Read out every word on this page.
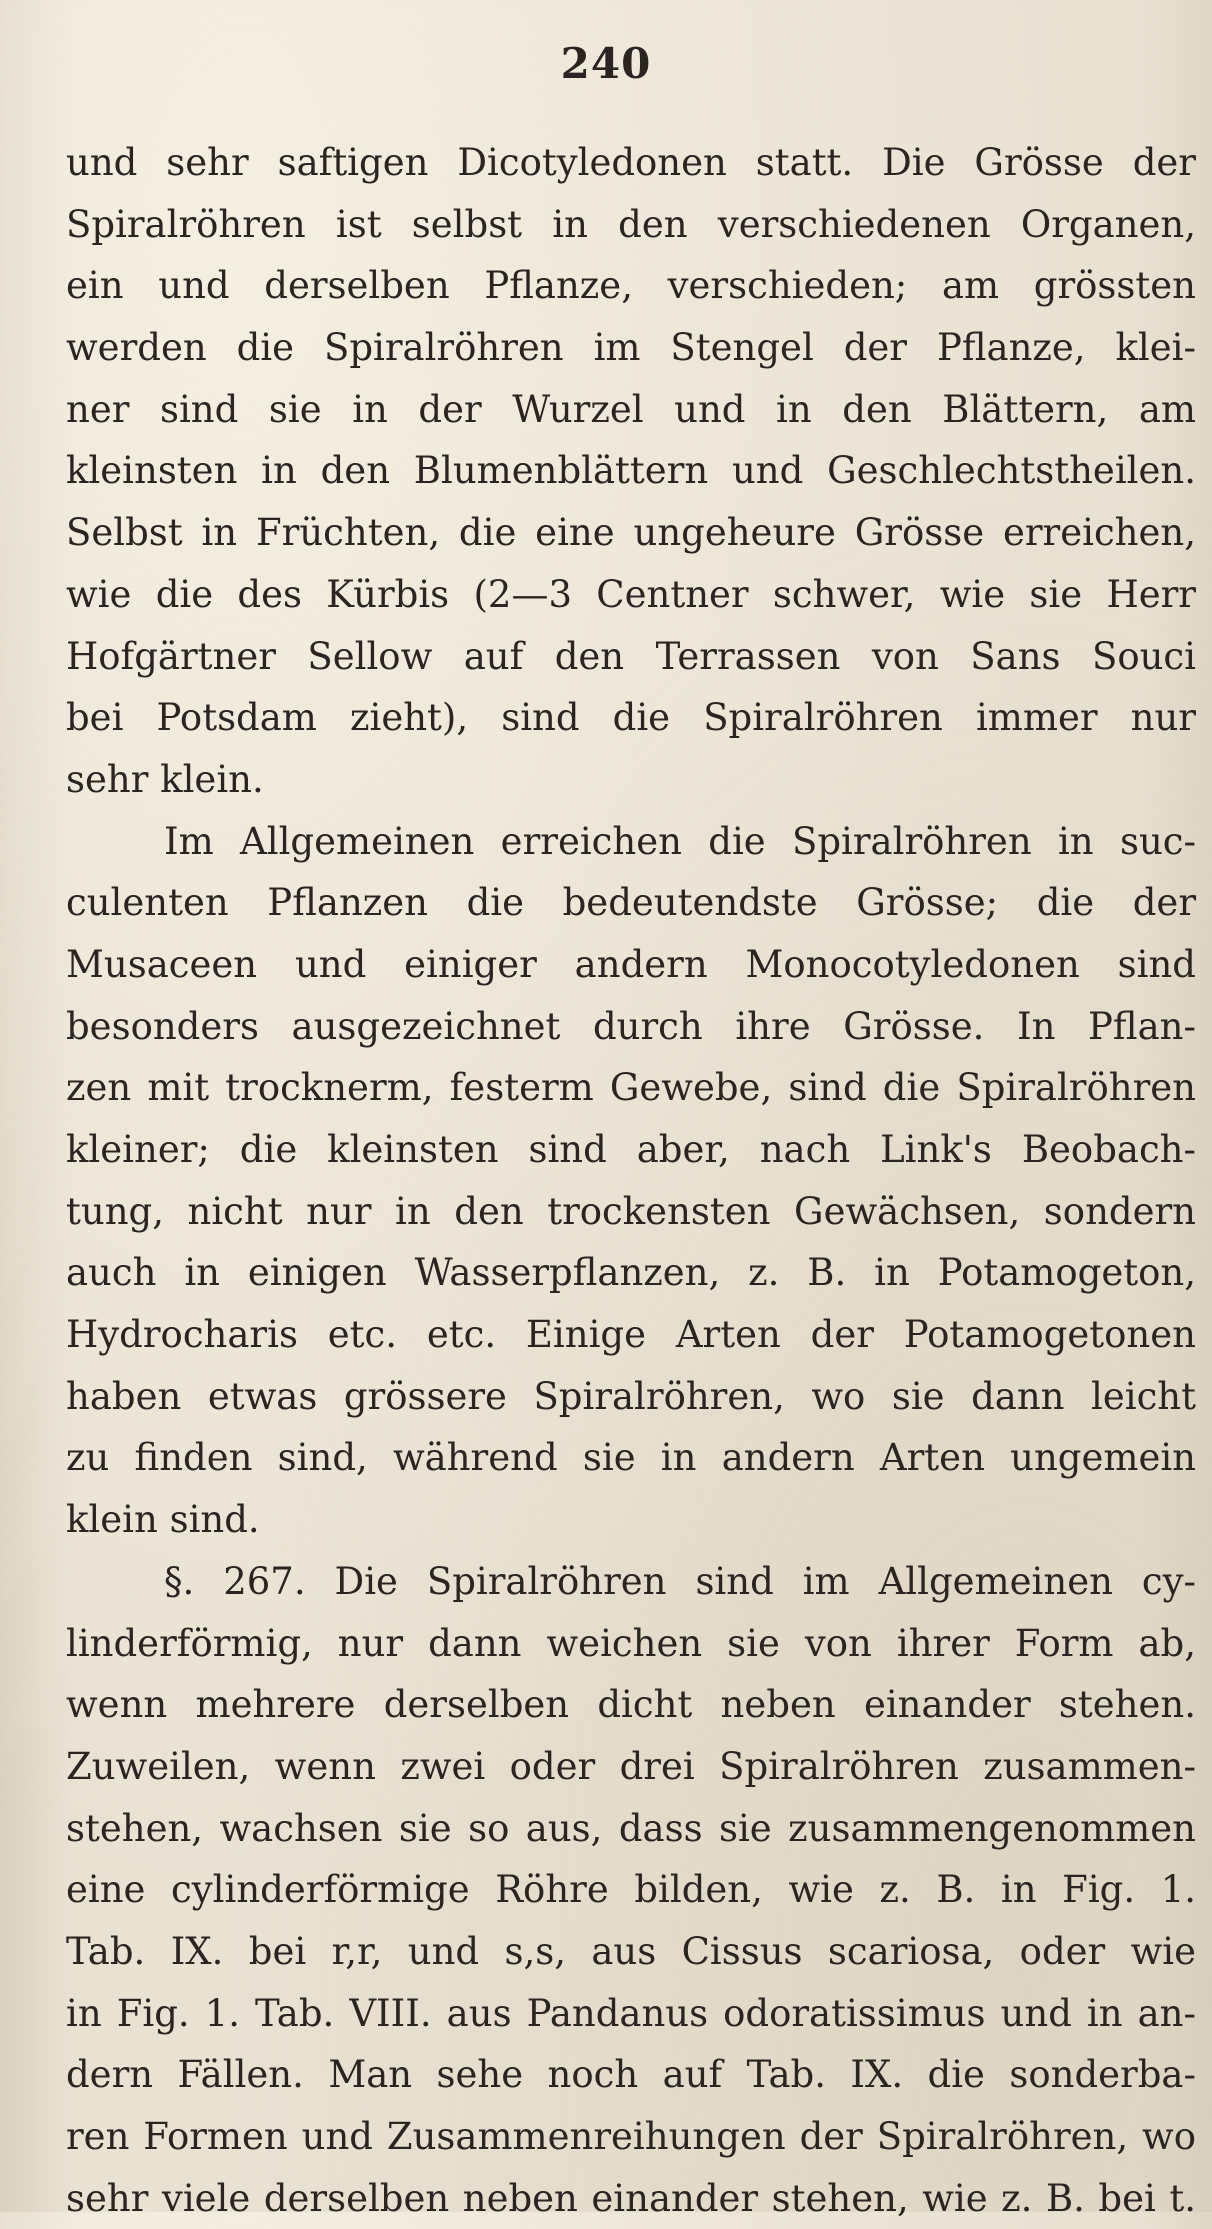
240
und sehr saftigen Dicotyledonen statt. Die Grösse der
Spiralröhren ist selbst in den verschiedenen Organen,
ein und derselben Pflanze, verschieden; am grössten
werden die Spiralröhren im Stengel der Pflanze, klei-
ner sind sie in der Wurzel und in den Blättern, am
kleinsten in den Blumenblättern und Geschlechtstheilen.
Selbst in Früchten, die eine ungeheure Grösse erreichen,
wie die des Kürbis (2—3 Centner schwer, wie sie Herr
Hofgärtner Sellow auf den Terrassen von Sans Souci
bei Potsdam zieht), sind die Spiralröhren immer nur
sehr klein.
Im Allgemeinen erreichen die Spiralröhren in suc-
culenten Pflanzen die bedeutendste Grösse; die der
Musaceen und einiger andern Monocotyledonen sind
besonders ausgezeichnet durch ihre Grösse. In Pflan-
zen mit trocknerm, festerm Gewebe, sind die Spiralröhren
kleiner; die kleinsten sind aber, nach Link's Beobach-
tung, nicht nur in den trockensten Gewächsen, sondern
auch in einigen Wasserpflanzen, z. B. in Potamogeton,
Hydrocharis etc. etc. Einige Arten der Potamogetonen
haben etwas grössere Spiralröhren, wo sie dann leicht
zu finden sind, während sie in andern Arten ungemein
klein sind.
§. 267. Die Spiralröhren sind im Allgemeinen cy-
linderförmig, nur dann weichen sie von ihrer Form ab,
wenn mehrere derselben dicht neben einander stehen.
Zuweilen, wenn zwei oder drei Spiralröhren zusammen-
stehen, wachsen sie so aus, dass sie zusammengenommen
eine cylinderförmige Röhre bilden, wie z. B. in Fig. 1.
Tab. IX. bei r,r, und s,s, aus Cissus scariosa, oder wie
in Fig. 1. Tab. VIII. aus Pandanus odoratissimus und in an-
dern Fällen. Man sehe noch auf Tab. IX. die sonderba-
ren Formen und Zusammenreihungen der Spiralröhren, wo
sehr viele derselben neben einander stehen, wie z. B. bei t.
